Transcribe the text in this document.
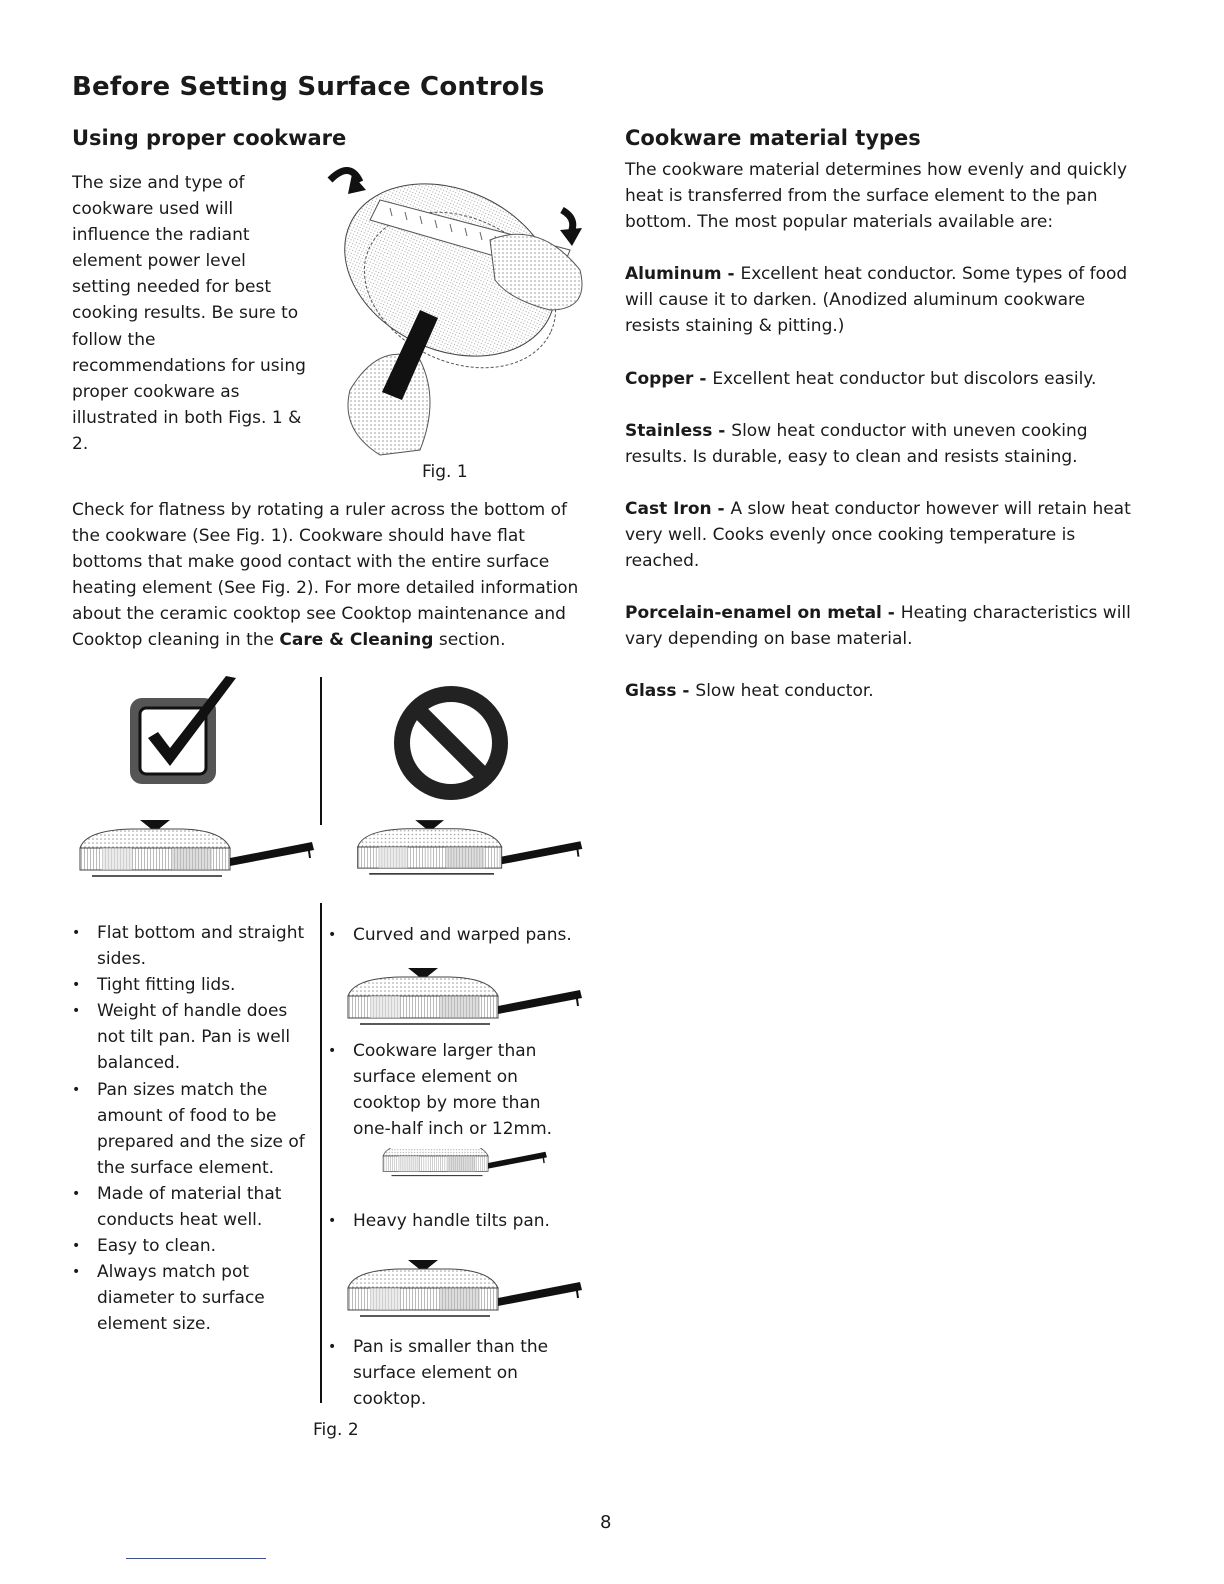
Before Setting Surface Controls
Using proper cookware
The size and type of cookware used will influence the radiant element power level setting needed for best cooking results. Be sure to follow the recommendations for using proper cookware as illustrated in both Figs. 1 & 2.
Fig. 1
Check for flatness by rotating a ruler across the bottom of the cookware (See Fig. 1). Cookware should have flat bottoms that make good contact with the entire surface heating element (See Fig. 2). For more detailed information about the ceramic cooktop see Cooktop maintenance and Cooktop cleaning in the Care & Cleaning section.
• Flat bottom and straight sides.
• Tight fitting lids.
• Weight of handle does not tilt pan. Pan is well balanced.
• Pan sizes match the amount of food to be prepared and the size of the surface element.
• Made of material that conducts heat well.
• Easy to clean.
• Always match pot diameter to surface element size.
• Curved and warped pans.
• Cookware larger than surface element on cooktop by more than one-half inch or 12mm.
• Heavy handle tilts pan.
• Pan is smaller than the surface element on cooktop.
Fig. 2
Cookware material types

The cookware material determines how evenly and quickly heat is transferred from the surface element to the pan bottom. The most popular materials available are:

Aluminum - Excellent heat conductor. Some types of food will cause it to darken. (Anodized aluminum cookware resists staining & pitting.)

Copper - Excellent heat conductor but discolors easily.

Stainless - Slow heat conductor with uneven cooking results. Is durable, easy to clean and resists staining.

Cast Iron - A slow heat conductor however will retain heat very well. Cooks evenly once cooking temperature is reached.

Porcelain-enamel on metal - Heating characteristics will vary depending on base material.

Glass - Slow heat conductor.

8
